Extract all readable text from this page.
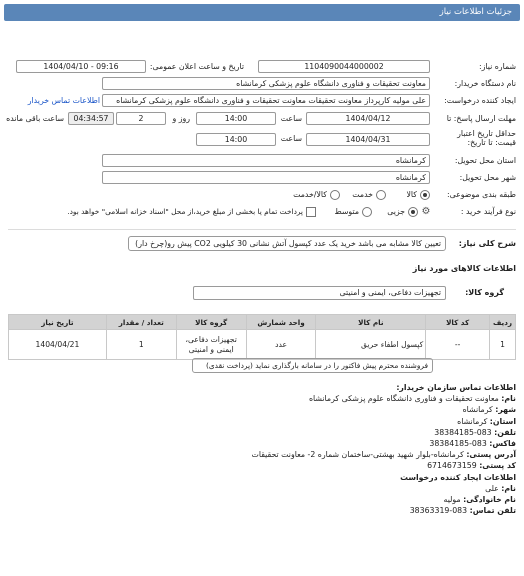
جزئیات اطلاعات نیاز
شماره نیاز:
1104090044000002
تاریخ و ساعت اعلان عمومی:
1404/04/10 - 09:16
نام دستگاه خریدار:
معاونت تحقیقات و فناوری دانشگاه علوم پزشکی کرمانشاه
ایجاد کننده درخواست:
علی مولیه کارپرداز معاونت تحقیقات معاونت تحقیقات و فناوری دانشگاه علوم پزشکی کرمانشاه
اطلاعات تماس خریدار
مهلت ارسال پاسخ: تا
1404/04/12
ساعت
14:00
روز و
2
04:34:57
ساعت باقی مانده
حداقل تاریخ اعتبار
قیمت: تا تاریخ:
1404/04/31
ساعت
14:00
استان محل تحویل:
کرمانشاه
شهر محل تحویل:
کرمانشاه
طبقه بندی موضوعی:
کالا
خدمت
کالا/خدمت
نوع فرآیند خرید :
⚙
جزیی
متوسط
پرداخت تمام یا بخشی از مبلغ خرید،از محل "اسناد خزانه اسلامی" خواهد بود.
شرح کلی نیاز:
تعیین کالا مشابه می باشد خرید یک عدد کپسول آتش نشانی 30 کیلویی CO2 پیش رو(چرخ دار)
اطلاعات کالاهای مورد نیاز
گروه کالا:
تجهیزات دفاعی، ایمنی و امنیتی
ردیف	کد کالا	نام کالا	واحد شمارش	گروه کالا	تعداد / مقدار	تاریخ نیاز
1	--	کپسول اطفاء حریق	عدد	تجهیزات دفاعی، ایمنی و امنیتی	1	1404/04/21
فروشنده محترم پیش فاکتور را در سامانه بارگذاری نماید (پرداخت نقدی)
اطلاعات تماس سازمان خریدار:
نام: معاونت تحقیقات و فناوری دانشگاه علوم پزشکی کرمانشاه
شهر: کرمانشاه
استان: کرمانشاه
تلفن: 083-38384185
فاکس: 083-38384185
آدرس پستی: کرمانشاه-بلوار شهید بهشتی-ساختمان شماره 2- معاونت تحقیقات
کد پستی: 6714673159
اطلاعات ایجاد کننده درخواست
نام: علی
نام خانوادگی: مولیه
تلفن تماس: 083-38363319
